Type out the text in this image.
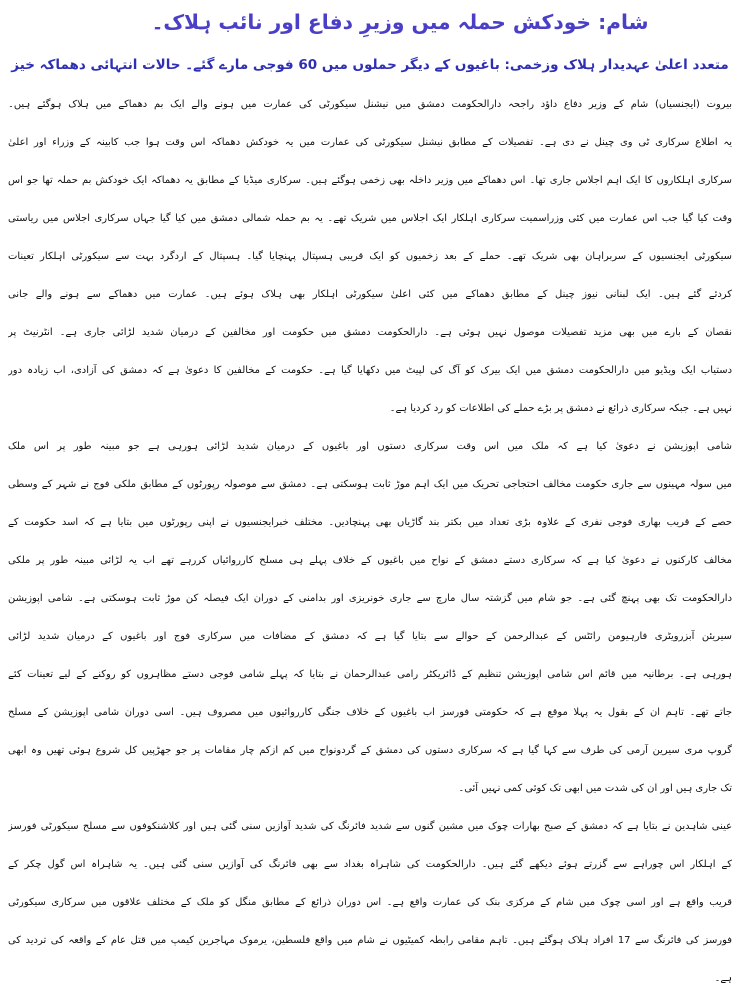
شام: خودکش حملہ میں وزیرِ دفاع اور نائب ہلاک۔
متعدد اعلیٰ عہدیدار ہلاک وزخمی: باغیوں کے دیگر حملوں میں 60 فوجی مارے گئے۔ حالات انتہائی دھماکہ خیز
بیروت (ایجنسیاں) شام کے وزیر دفاع داؤد راجحہ دارالحکومت دمشق میں نیشنل سیکورٹی کی عمارت میں ہونے والے ایک بم دھماکے میں ہلاک ہوگئے ہیں۔
یہ اطلاع سرکاری ٹی وی چینل نے دی ہے۔ تفصیلات کے مطابق نیشنل سیکورٹی کی عمارت میں یہ خودکش دھماکہ اس وقت ہوا جب کابینہ کے وزراء اور اعلیٰ
سرکاری اہلکاروں کا ایک اہم اجلاس جاری تھا۔ اس دھماکے میں وزیر داخلہ بھی زخمی ہوگئے ہیں۔ سرکاری میڈیا کے مطابق یہ دھماکہ ایک خودکش بم حملہ تھا جو اس
وقت کیا گیا جب اس عمارت میں کئی وزراسمیت سرکاری اہلکار ایک اجلاس میں شریک تھے۔ یہ بم حملہ شمالی دمشق میں کیا گیا جہاں سرکاری اجلاس میں ریاستی
سیکورٹی ایجنسیوں کے سربراہان بھی شریک تھے۔ حملے کے بعد زخمیوں کو ایک قریبی ہسپتال پہنچایا گیا۔ ہسپتال کے اردگرد بہت سے سیکورٹی اہلکار تعینات
کردئے گئے ہیں۔ ایک لبنانی نیوز چینل کے مطابق دھماکے میں کئی اعلیٰ سیکورٹی اہلکار بھی ہلاک ہوئے ہیں۔ عمارت میں دھماکے سے ہونے والے جانی
نقصان کے بارے میں بھی مزید تفصیلات موصول نہیں ہوئی ہے۔ دارالحکومت دمشق میں حکومت اور مخالفین کے درمیان شدید لڑائی جاری ہے۔ انٹرنیٹ پر
دستیاب ایک ویڈیو میں دارالحکومت دمشق میں ایک بیرک کو آگ کی لپیٹ میں دکھایا گیا ہے۔ حکومت کے مخالفین کا دعویٰ ہے کہ دمشق کی آزادی، اب زیادہ دور
نہیں ہے۔ جبکہ سرکاری ذرائع نے دمشق پر بڑے حملے کی اطلاعات کو رد کردیا ہے۔
شامی اپوزیشن نے دعویٰ کیا ہے کہ ملک میں اس وقت سرکاری دستوں اور باغیوں کے درمیان شدید لڑائی ہورہی ہے جو مبینہ طور پر اس ملک
میں سولہ مہینوں سے جاری حکومت مخالف احتجاجی تحریک میں ایک اہم موڑ ثابت ہوسکتی ہے۔ دمشق سے موصولہ رپورٹوں کے مطابق ملکی فوج نے شہر کے وسطی
حصے کے قریب بھاری فوجی نفری کے علاوہ بڑی تعداد میں بکتر بند گاڑیاں بھی پہنچادیں۔ مختلف خبرایجنسیوں نے اپنی رپورٹوں میں بتایا ہے کہ اسد حکومت کے
مخالف کارکنوں نے دعویٰ کیا ہے کہ سرکاری دستے دمشق کے نواح میں باغیوں کے خلاف پہلے ہی مسلح کارروائیاں کررہے تھے اب یہ لڑائی مبینہ طور پر ملکی
دارالحکومت تک بھی پہنچ گئی ہے۔ جو شام میں گزشتہ سال مارچ سے جاری خونریزی اور بدامنی کے دوران ایک فیصلہ کن موڑ ثابت ہوسکتی ہے۔ شامی اپوزیشن
سیریئن آبزرویٹری فارہیومن رائٹس کے عبدالرحمن کے حوالے سے بتایا گیا ہے کہ دمشق کے مضافات میں سرکاری فوج اور باغیوں کے درمیان شدید لڑائی
ہورہی ہے۔ برطانیہ میں قائم اس شامی اپوزیشن تنظیم کے ڈائریکٹر رامی عبدالرحمان نے بتایا کہ پہلے شامی فوجی دستے مظاہروں کو روکنے کے لیے تعینات کئے
جاتے تھے۔ تاہم ان کے بقول یہ پہلا موقع ہے کہ حکومتی فورسز اب باغیوں کے خلاف جنگی کارروائیوں میں مصروف ہیں۔ اسی دوران شامی اپوزیشن کے مسلح
گروپ مری سیرین آرمی کی طرف سے کہا گیا ہے کہ سرکاری دستوں کی دمشق کے گردونواح میں کم ازکم چار مقامات پر جو جھڑپیں کل شروع ہوئی تھیں وہ ابھی
تک جاری ہیں اور ان کی شدت میں ابھی تک کوئی کمی نہیں آئی۔
عینی شاہدین نے بتایا ہے کہ دمشق کے صبح بھارات چوک میں مشین گنوں سے شدید فائرنگ کی شدید آوازیں سنی گئی ہیں اور کلاشنکوفوں سے مسلح سیکورٹی فورسز
کے اہلکار اس چوراہے سے گزرتے ہوئے دیکھے گئے ہیں۔ دارالحکومت کی شاہراہ بغداد سے بھی فائرنگ کی آوازیں سنی گئی ہیں۔ یہ شاہراہ اس گول چکر کے
قریب واقع ہے اور اسی چوک میں شام کے مرکزی بنک کی عمارت واقع ہے۔ اس دوران ذرائع کے مطابق منگل کو ملک کے مختلف علاقوں میں سرکاری سیکورٹی
فورسز کی فائرنگ سے 17 افراد ہلاک ہوگئے ہیں۔ تاہم مقامی رابطہ کمیٹیوں نے شام میں واقع فلسطین، یرموک مہاجرین کیمپ میں قتل عام کے واقعہ کی تردید کی
ہے۔
